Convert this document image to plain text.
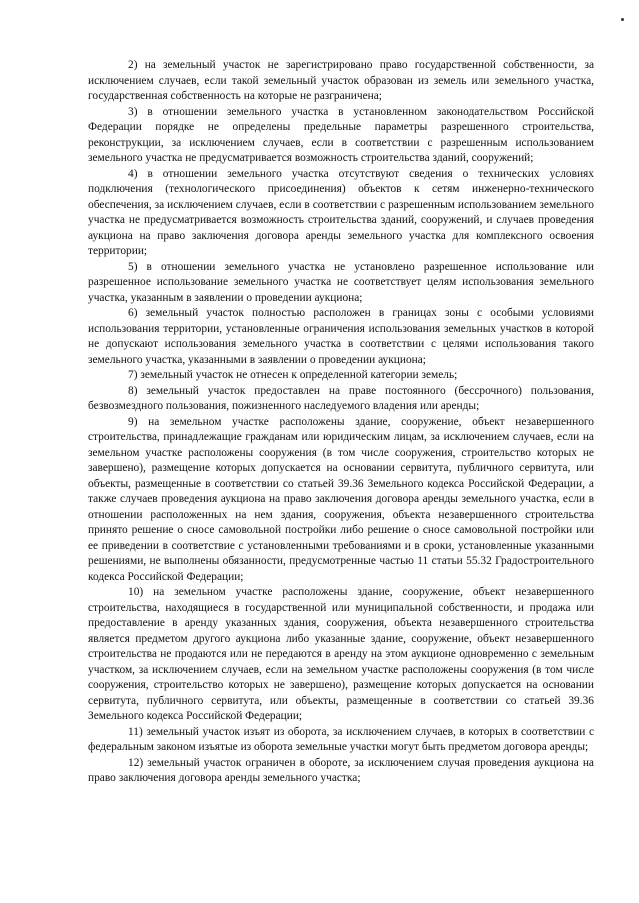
2) на земельный участок не зарегистрировано право государственной собственности, за исключением случаев, если такой земельный участок образован из земель или земельного участка, государственная собственность на которые не разграничена;

3) в отношении земельного участка в установленном законодательством Российской Федерации порядке не определены предельные параметры разрешенного строительства, реконструкции, за исключением случаев, если в соответствии с разрешенным использованием земельного участка не предусматривается возможность строительства зданий, сооружений;

4) в отношении земельного участка отсутствуют сведения о технических условиях подключения (технологического присоединения) объектов к сетям инженерно-технического обеспечения, за исключением случаев, если в соответствии с разрешенным использованием земельного участка не предусматривается возможность строительства зданий, сооружений, и случаев проведения аукциона на право заключения договора аренды земельного участка для комплексного освоения территории;

5) в отношении земельного участка не установлено разрешенное использование или разрешенное использование земельного участка не соответствует целям использования земельного участка, указанным в заявлении о проведении аукциона;

6) земельный участок полностью расположен в границах зоны с особыми условиями использования территории, установленные ограничения использования земельных участков в которой не допускают использования земельного участка в соответствии с целями использования такого земельного участка, указанными в заявлении о проведении аукциона;

7) земельный участок не отнесен к определенной категории земель;

8) земельный участок предоставлен на праве постоянного (бессрочного) пользования, безвозмездного пользования, пожизненного наследуемого владения или аренды;

9) на земельном участке расположены здание, сооружение, объект незавершенного строительства, принадлежащие гражданам или юридическим лицам, за исключением случаев, если на земельном участке расположены сооружения (в том числе сооружения, строительство которых не завершено), размещение которых допускается на основании сервитута, публичного сервитута, или объекты, размещенные в соответствии со статьей 39.36 Земельного кодекса Российской Федерации, а также случаев проведения аукциона на право заключения договора аренды земельного участка, если в отношении расположенных на нем здания, сооружения, объекта незавершенного строительства принято решение о сносе самовольной постройки либо решение о сносе самовольной постройки или ее приведении в соответствие с установленными требованиями и в сроки, установленные указанными решениями, не выполнены обязанности, предусмотренные частью 11 статьи 55.32 Градостроительного кодекса Российской Федерации;

10) на земельном участке расположены здание, сооружение, объект незавершенного строительства, находящиеся в государственной или муниципальной собственности, и продажа или предоставление в аренду указанных здания, сооружения, объекта незавершенного строительства является предметом другого аукциона либо указанные здание, сооружение, объект незавершенного строительства не продаются или не передаются в аренду на этом аукционе одновременно с земельным участком, за исключением случаев, если на земельном участке расположены сооружения (в том числе сооружения, строительство которых не завершено), размещение которых допускается на основании сервитута, публичного сервитута, или объекты, размещенные в соответствии со статьей 39.36 Земельного кодекса Российской Федерации;

11) земельный участок изъят из оборота, за исключением случаев, в которых в соответствии с федеральным законом изъятые из оборота земельные участки могут быть предметом договора аренды;

12) земельный участок ограничен в обороте, за исключением случая проведения аукциона на право заключения договора аренды земельного участка;
